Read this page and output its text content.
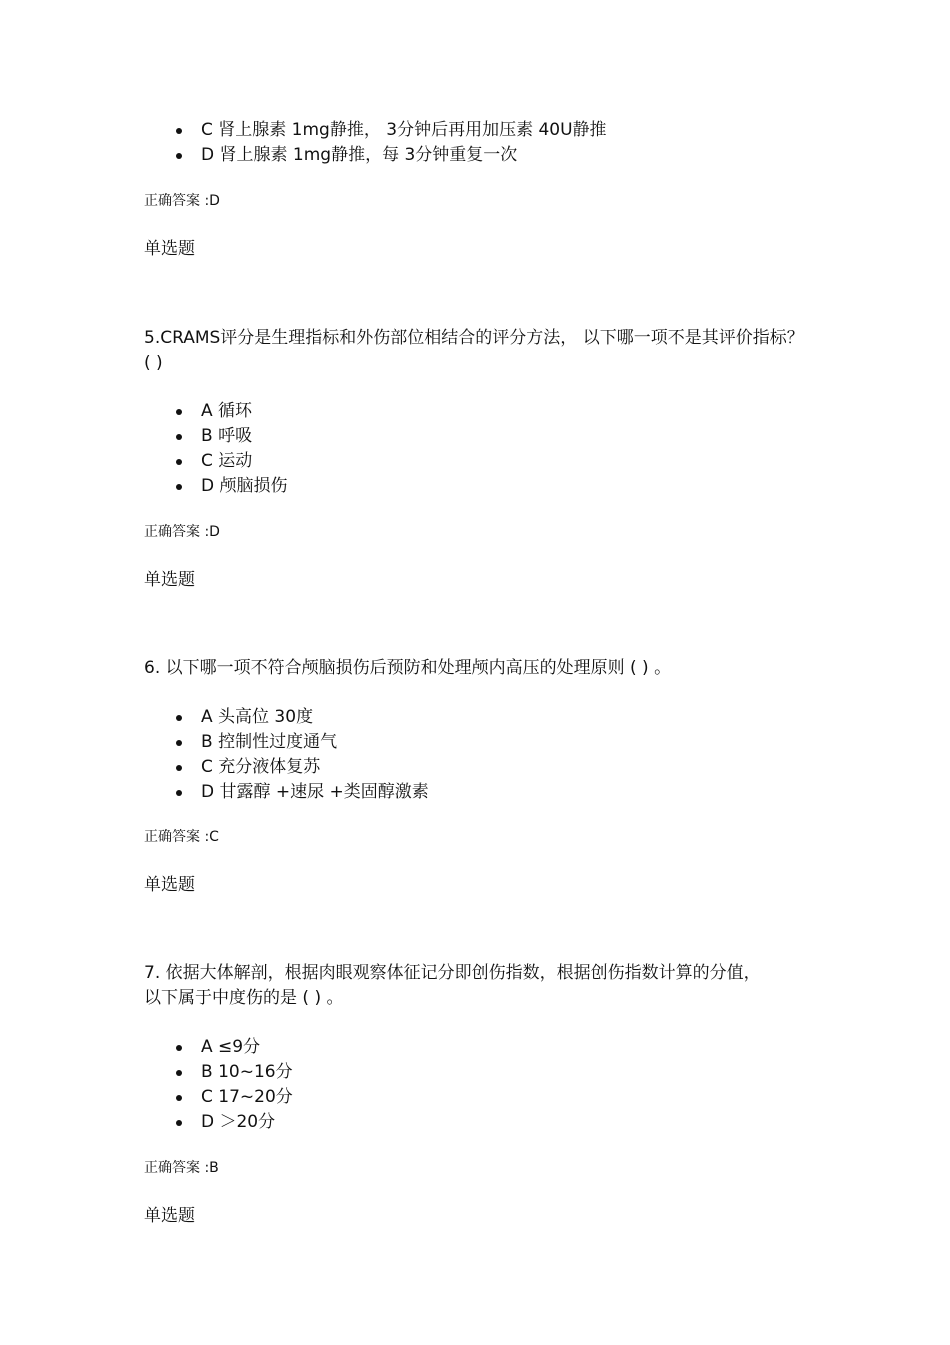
C 肾上腺素 1mg静推， 3分钟后再用加压素 40U静推
D 肾上腺素 1mg静推，每 3分钟重复一次
正确答案 :D
单选题
5.CRAMS评分是生理指标和外伤部位相结合的评分方法， 以下哪一项不是其评价指标？ ( )
A 循环
B 呼吸
C 运动
D 颅脑损伤
正确答案 :D
单选题
6. 以下哪一项不符合颅脑损伤后预防和处理颅内高压的处理原则 ( ) 。
A 头高位 30度
B 控制性过度通气
C 充分液体复苏
D 甘露醇 +速尿 +类固醇激素
正确答案 :C
单选题
7. 依据大体解剖，根据肉眼观察体征记分即创伤指数，根据创伤指数计算的分值，以下属于中度伤的是 ( ) 。
A ≤9分
B 10~16分
C 17~20分
D ＞20分
正确答案 :B
单选题
